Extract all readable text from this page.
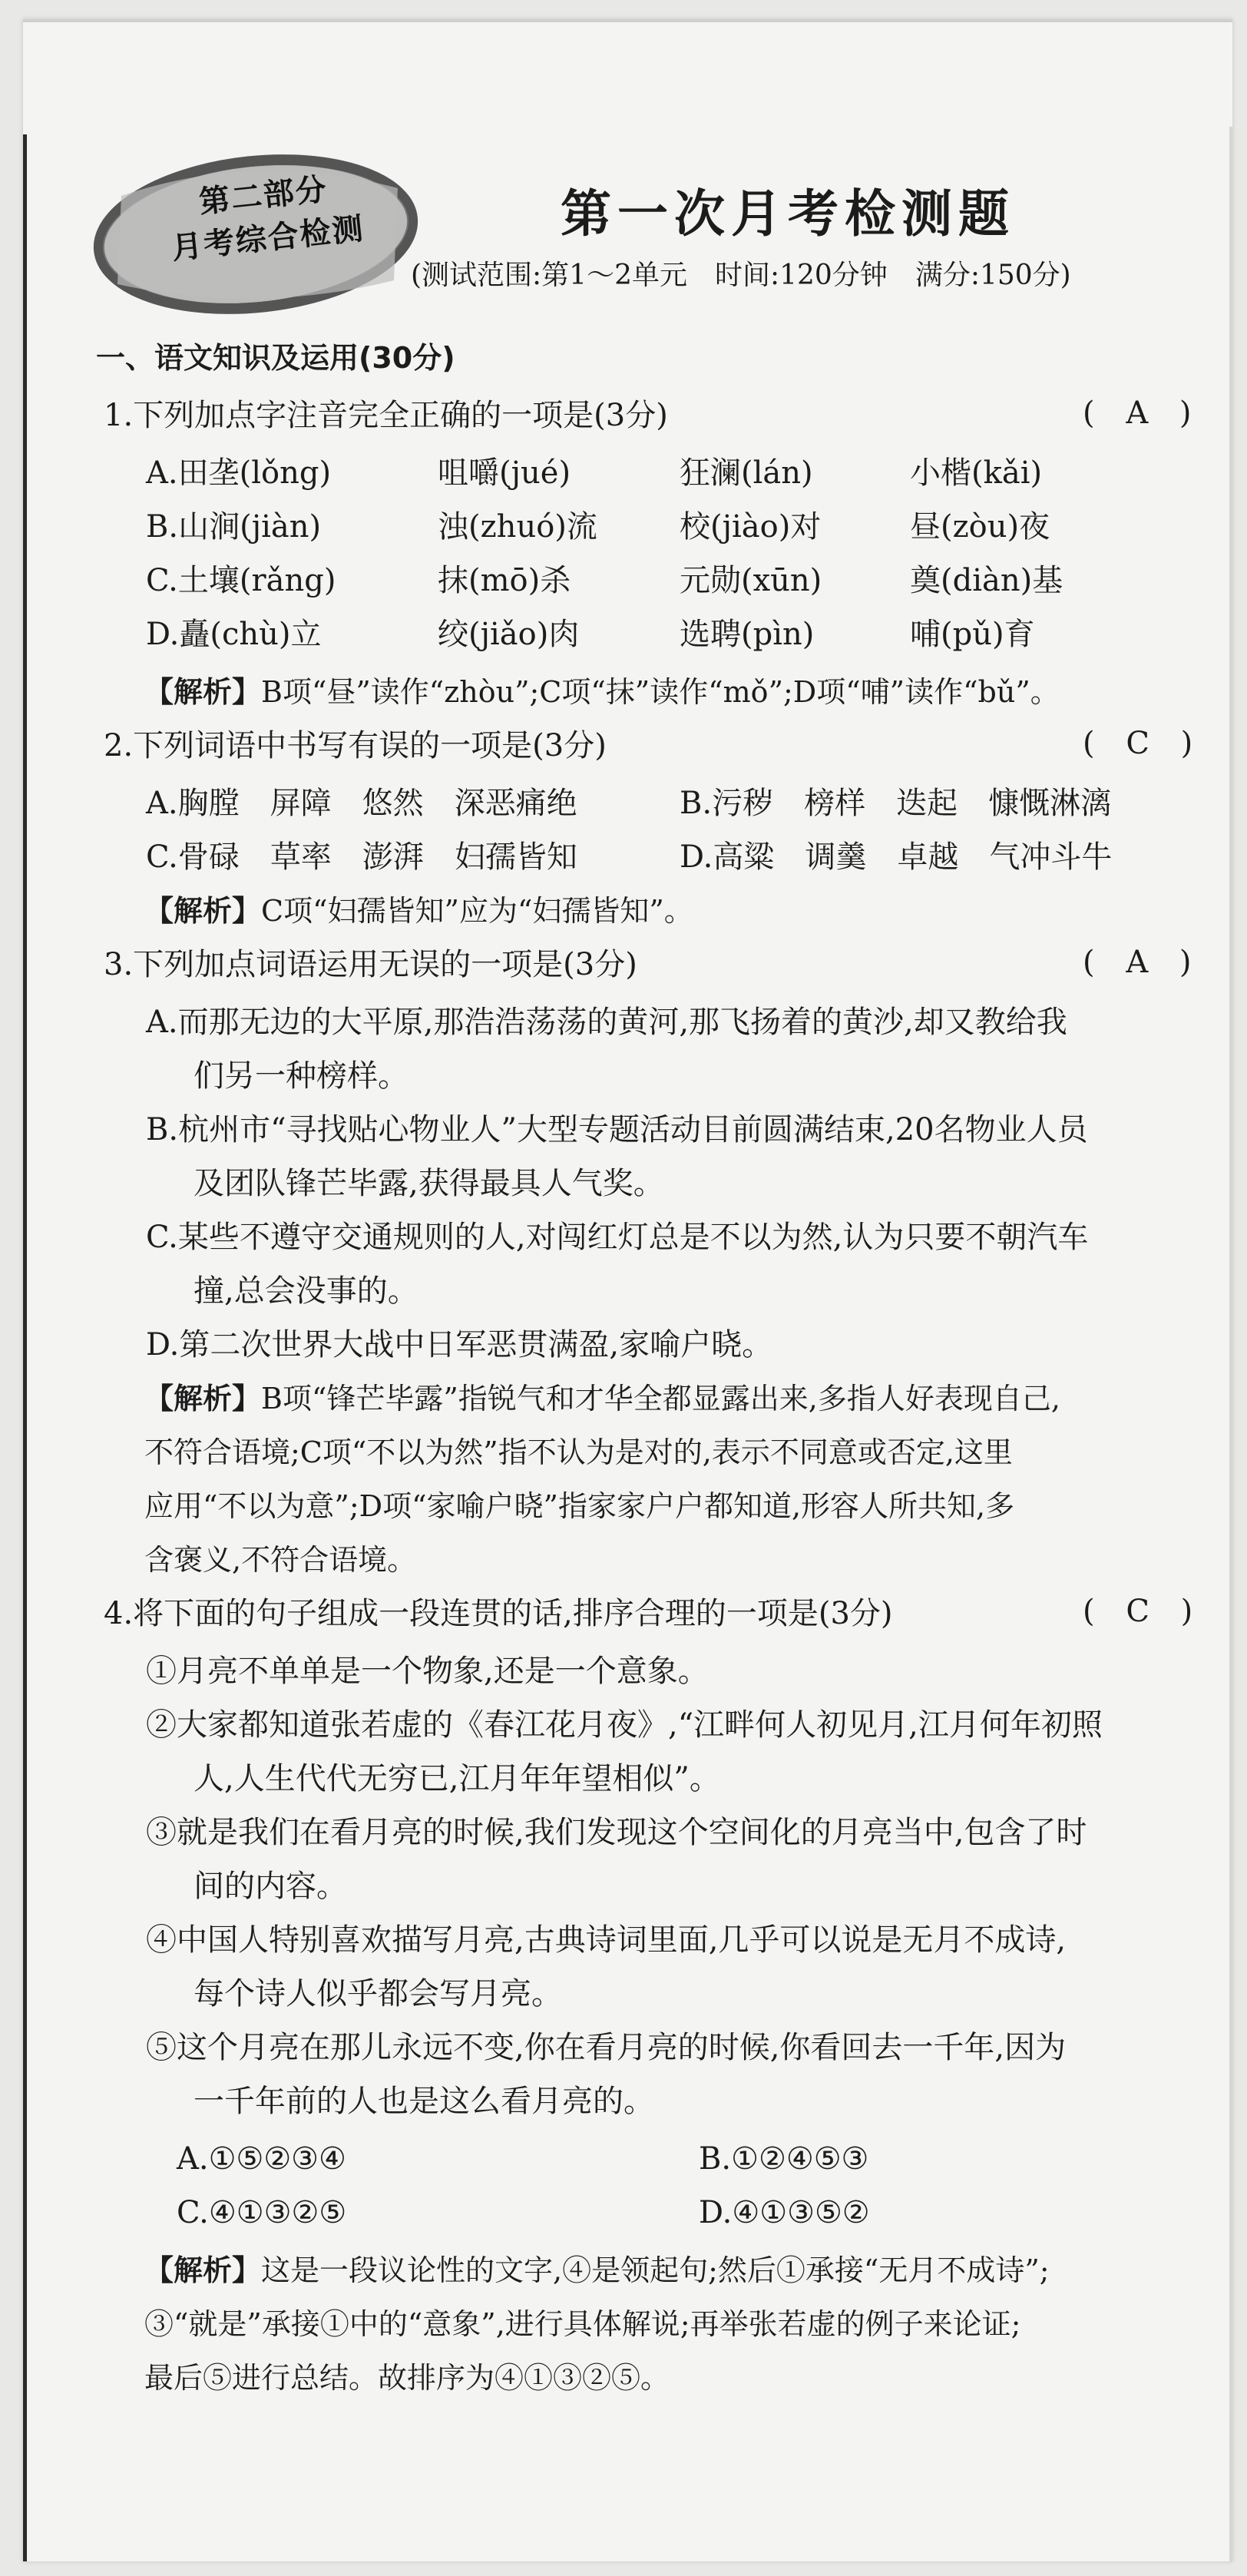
第二部分
月考综合检测	第一次月考检测题
(测试范围:第1～2单元　时间:120分钟　满分:150分)
一、语文知识及运用(30分)
1.下列加点字注音完全正确的一项是(3分)	( A )
A.田垄(lǒng)	咀嚼(jué)	狂澜(lán)	小楷(kǎi)
B.山涧(jiàn)	浊(zhuó)流	校(jiào)对	昼(zòu)夜
C.土壤(rǎng)	抹(mō)杀	元勋(xūn)	奠(diàn)基
D.矗(chù)立	绞(jiǎo)肉	选聘(pìn)	哺(pǔ)育
【解析】B项“昼”读作“zhòu”;C项“抹”读作“mǒ”;D项“哺”读作“bǔ”。
2.下列词语中书写有误的一项是(3分)	( C )
A.胸膛　屏障　悠然　深恶痛绝	B.污秽　榜样　迭起　慷慨淋漓
C.骨碌　草率　澎湃　妇孺皆知	D.高粱　调羹　卓越　气冲斗牛
【解析】C项“妇孺皆知”应为“妇孺皆知”。
3.下列加点词语运用无误的一项是(3分)	( A )
A.而那无边的大平原,那浩浩荡荡的黄河,那飞扬着的黄沙,却又教给我
们另一种榜样。
B.杭州市“寻找贴心物业人”大型专题活动目前圆满结束,20名物业人员
及团队锋芒毕露,获得最具人气奖。
C.某些不遵守交通规则的人,对闯红灯总是不以为然,认为只要不朝汽车
撞,总会没事的。
D.第二次世界大战中日军恶贯满盈,家喻户晓。
【解析】B项“锋芒毕露”指锐气和才华全都显露出来,多指人好表现自己,
不符合语境;C项“不以为然”指不认为是对的,表示不同意或否定,这里
应用“不以为意”;D项“家喻户晓”指家家户户都知道,形容人所共知,多
含褒义,不符合语境。
4.将下面的句子组成一段连贯的话,排序合理的一项是(3分)	( C )
①月亮不单单是一个物象,还是一个意象。
②大家都知道张若虚的《春江花月夜》,“江畔何人初见月,江月何年初照
人,人生代代无穷已,江月年年望相似”。
③就是我们在看月亮的时候,我们发现这个空间化的月亮当中,包含了时
间的内容。
④中国人特别喜欢描写月亮,古典诗词里面,几乎可以说是无月不成诗,
每个诗人似乎都会写月亮。
⑤这个月亮在那儿永远不变,你在看月亮的时候,你看回去一千年,因为
一千年前的人也是这么看月亮的。
A.①⑤②③④	B.①②④⑤③
C.④①③②⑤	D.④①③⑤②
【解析】这是一段议论性的文字,④是领起句;然后①承接“无月不成诗”;
③“就是”承接①中的“意象”,进行具体解说;再举张若虚的例子来论证;
最后⑤进行总结。故排序为④①③②⑤。
